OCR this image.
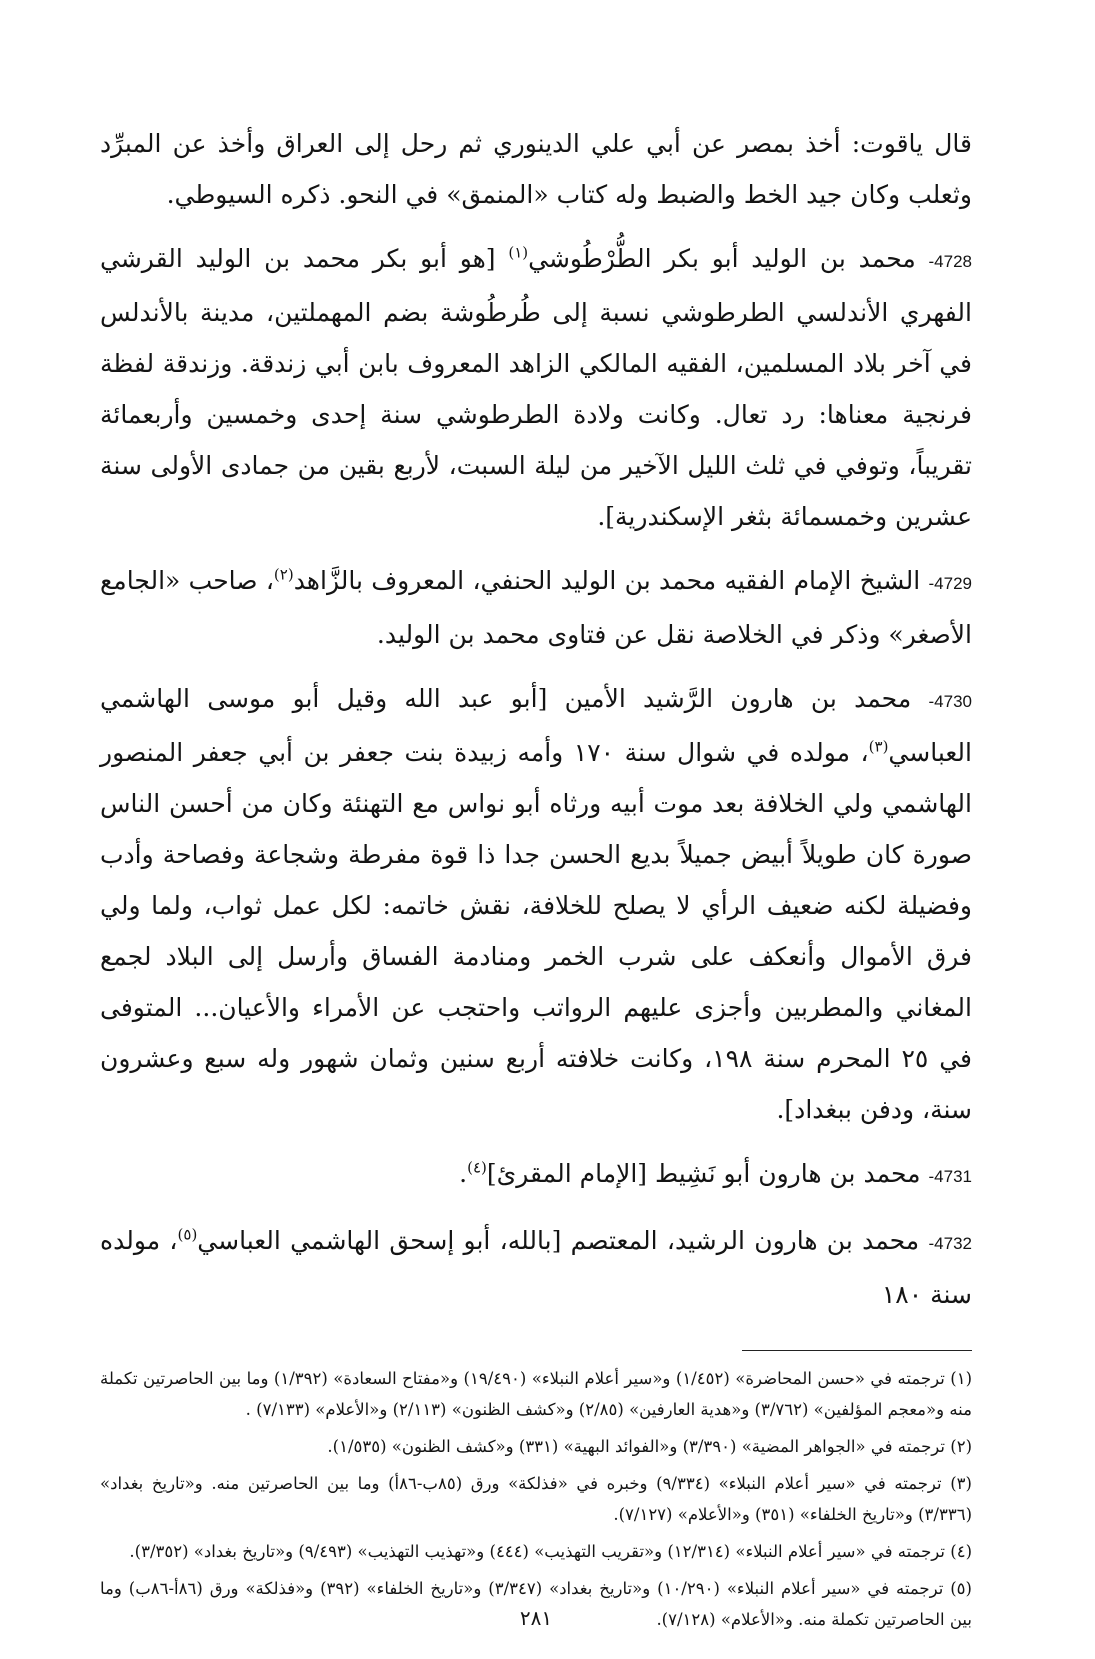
قال ياقوت: أخذ بمصر عن أبي علي الدينوري ثم رحل إلى العراق وأخذ عن المبرِّد وثعلب وكان جيد الخط والضبط وله كتاب «المنمق» في النحو. ذكره السيوطي.

4728- محمد بن الوليد أبو بكر الطُّرْطُوشي$^{(١)}$ [هو أبو بكر محمد بن الوليد القرشي الفهري الأندلسي الطرطوشي نسبة إلى طُرطُوشة بضم المهملتين، مدينة بالأندلس في آخر بلاد المسلمين، الفقيه المالكي الزاهد المعروف بابن أبي زندقة. وزندقة لفظة فرنجية معناها: رد تعال. وكانت ولادة الطرطوشي سنة إحدى وخمسين وأربعمائة تقريباً، وتوفي في ثلث الليل الآخير من ليلة السبت، لأربع بقين من جمادى الأولى سنة عشرين وخمسمائة بثغر الإسكندرية].

4729- الشيخ الإمام الفقيه محمد بن الوليد الحنفي، المعروف بالزَّاهد$^{(٢)}$، صاحب «الجامع الأصغر» وذكر في الخلاصة نقل عن فتاوى محمد بن الوليد.

4730- محمد بن هارون الرَّشيد الأمين [أبو عبد الله وقيل أبو موسى الهاشمي العباسي$^{(٣)}$، مولده في شوال سنة ١٧٠ وأمه زبيدة بنت جعفر بن أبي جعفر المنصور الهاشمي ولي الخلافة بعد موت أبيه ورثاه أبو نواس مع التهنئة وكان من أحسن الناس صورة كان طويلاً أبيض جميلاً بديع الحسن جدا ذا قوة مفرطة وشجاعة وفصاحة وأدب وفضيلة لكنه ضعيف الرأي لا يصلح للخلافة، نقش خاتمه: لكل عمل ثواب، ولما ولي فرق الأموال وأنعكف على شرب الخمر ومنادمة الفساق وأرسل إلى البلاد لجمع المغاني والمطربين وأجزى عليهم الرواتب واحتجب عن الأمراء والأعيان... المتوفى في ٢٥ المحرم سنة ١٩٨، وكانت خلافته أربع سنين وثمان شهور وله سبع وعشرون سنة، ودفن ببغداد].

4731- محمد بن هارون أبو نَشِيط [الإمام المقرئ]$^{(٤)}$.

4732- محمد بن هارون الرشيد، المعتصم [بالله، أبو إسحق الهاشمي العباسي$^{(٥)}$، مولده سنة ١٨٠

(١) ترجمته في «حسن المحاضرة» (١/٤٥٢) و«سير أعلام النبلاء» (١٩/٤٩٠) و«مفتاح السعادة» (١/٣٩٢) وما بين الحاصرتين تكملة منه و«معجم المؤلفين» (٣/٧٦٢) و«هدية العارفين» (٢/٨٥) و«كشف الظنون» (٢/١١٣) و«الأعلام» (٧/١٣٣) .

(٢) ترجمته في «الجواهر المضية» (٣/٣٩٠) و«الفوائد البهية» (٣٣١) و«كشف الظنون» (١/٥٣٥).

(٣) ترجمته في «سير أعلام النبلاء» (٩/٣٣٤) وخبره في «فذلكة» ورق (٨٥ب-٨٦أ) وما بين الحاصرتين منه. و«تاريخ بغداد» (٣/٣٣٦) و«تاريخ الخلفاء» (٣٥١) و«الأعلام» (٧/١٢٧).

(٤) ترجمته في «سير أعلام النبلاء» (١٢/٣١٤) و«تقريب التهذيب» (٤٤٤) و«تهذيب التهذيب» (٩/٤٩٣) و«تاريخ بغداد» (٣/٣٥٢).

(٥) ترجمته في «سير أعلام النبلاء» (١٠/٢٩٠) و«تاريخ بغداد» (٣/٣٤٧) و«تاريخ الخلفاء» (٣٩٢) و«فذلكة» ورق (٨٦أ-٨٦ب) وما بين الحاصرتين تكملة منه. و«الأعلام» (٧/١٢٨).

٢٨١
